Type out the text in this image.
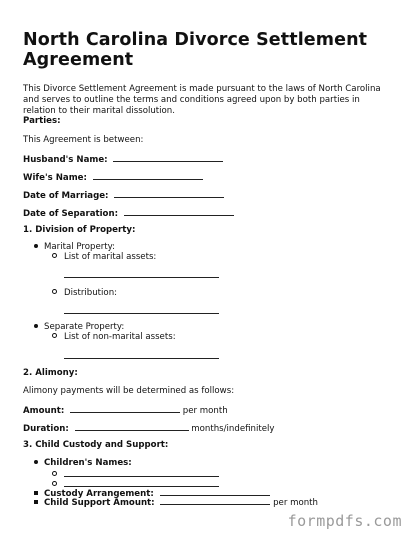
North Carolina Divorce Settlement Agreement
This Divorce Settlement Agreement is made pursuant to the laws of North Carolina and serves to outline the terms and conditions agreed upon by both parties in relation to their marital dissolution.
Parties:
This Agreement is between:
Husband's Name:
Wife's Name:
Date of Marriage:
Date of Separation:
1. Division of Property:
Marital Property:
List of marital assets:
Distribution:
Separate Property:
List of non-marital assets:
2. Alimony:
Alimony payments will be determined as follows:
Amount:	per month
Duration:	months/indefinitely
3. Child Custody and Support:
Children's Names:
Custody Arrangement:
Child Support Amount:	per month
formpdfs.com
